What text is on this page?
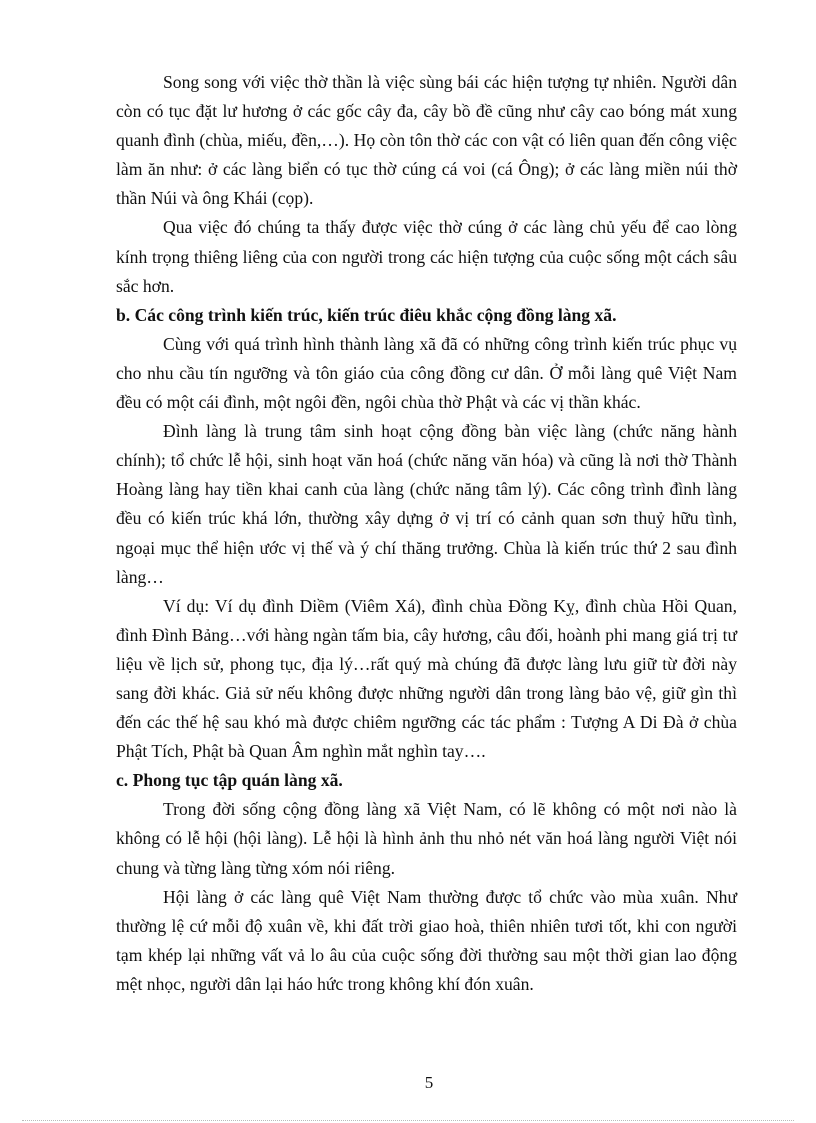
Song song với việc thờ thần là việc sùng bái các hiện tượng tự nhiên. Người dân còn có tục đặt lư hương ở các gốc cây đa, cây bồ đề cũng như cây cao bóng mát xung quanh đình (chùa, miếu, đền,…). Họ còn tôn thờ các con vật có liên quan đến công việc làm ăn như: ở các làng biển có tục thờ cúng cá voi (cá Ông); ở các làng miền núi thờ thần Núi và ông Khái (cọp).

Qua việc đó chúng ta thấy được việc thờ cúng ở các làng chủ yếu để cao lòng kính trọng thiêng liêng của con người trong các hiện tượng của cuộc sống một cách sâu sắc hơn.

b. Các công trình kiến trúc, kiến trúc điêu khắc cộng đồng làng xã.

Cùng với quá trình hình thành làng xã đã có những công trình kiến trúc phục vụ cho nhu cầu tín ngưỡng và tôn giáo của công đồng cư dân. Ở mỗi làng quê Việt Nam đều có một cái đình, một ngôi đền, ngôi chùa thờ Phật và các vị thần khác.

Đình làng là trung tâm sinh hoạt cộng đồng bàn việc làng (chức năng hành chính); tổ chức lễ hội, sinh hoạt văn hoá (chức năng văn hóa) và cũng là nơi thờ Thành Hoàng làng hay tiền khai canh của làng (chức năng tâm lý). Các công trình đình làng đều có kiến trúc khá lớn, thường xây dựng ở vị trí có cảnh quan sơn thuỷ hữu tình, ngoại mục thể hiện ước vị thế và ý chí thăng trưởng. Chùa là kiến trúc thứ 2 sau đình làng…

Ví dụ: Ví dụ đình Diềm (Viêm Xá), đình chùa Đồng Kỵ, đình chùa Hồi Quan, đình Đình Bảng…với hàng ngàn tấm bia, cây hương, câu đối, hoành phi mang giá trị tư liệu về lịch sử, phong tục, địa lý…rất quý mà chúng đã được làng lưu giữ từ đời này sang đời khác. Giả sử nếu không được những người dân trong làng bảo vệ, giữ gìn thì đến các thế hệ sau khó mà được chiêm ngưỡng các tác phẩm : Tượng A Di Đà ở chùa Phật Tích, Phật bà Quan Âm nghìn mắt nghìn tay….

c. Phong tục tập quán làng xã.

Trong đời sống cộng đồng làng xã Việt Nam, có lẽ không có một nơi nào là không có lễ hội (hội làng). Lễ hội là hình ảnh thu nhỏ nét văn hoá làng người Việt nói chung và từng làng từng xóm nói riêng.

Hội làng ở các làng quê Việt Nam thường được tổ chức vào mùa xuân. Như thường lệ cứ mỗi độ xuân về, khi đất trời giao hoà, thiên nhiên tươi tốt, khi con người tạm khép lại những vất vả lo âu của cuộc sống đời thường sau một thời gian lao động mệt nhọc, người dân lại háo hức trong không khí đón xuân.

5
